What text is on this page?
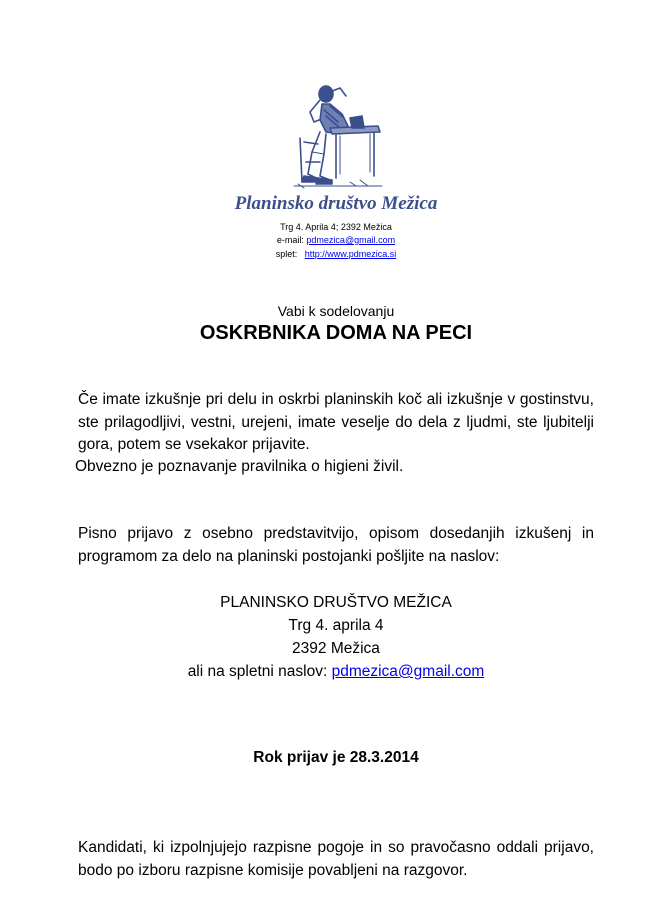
Planinsko društvo Mežica
Trg 4. Aprila 4; 2392 Mežica
e-mail: pdmezica@gmail.com
splet: http://www.pdmezica.si
Vabi k sodelovanju
OSKRBNIKA DOMA NA PECI
Če imate izkušnje pri delu in oskrbi planinskih koč ali izkušnje v gostinstvu, ste prilagodljivi, vestni, urejeni, imate veselje do dela z ljudmi, ste ljubitelji gora, potem se vsekakor prijavite.
Obvezno je poznavanje pravilnika o higieni živil.
Pisno prijavo z osebno predstavitvijo, opisom dosedanjih izkušenj in programom za delo na planinski postojanki pošljite na naslov:
PLANINSKO DRUŠTVO MEŽICA
Trg 4. aprila 4
2392 Mežica
ali na spletni naslov: pdmezica@gmail.com
Rok prijav je 28.3.2014
Kandidati, ki izpolnjujejo razpisne pogoje in so pravočasno oddali prijavo, bodo po izboru razpisne komisije povabljeni na razgovor.
